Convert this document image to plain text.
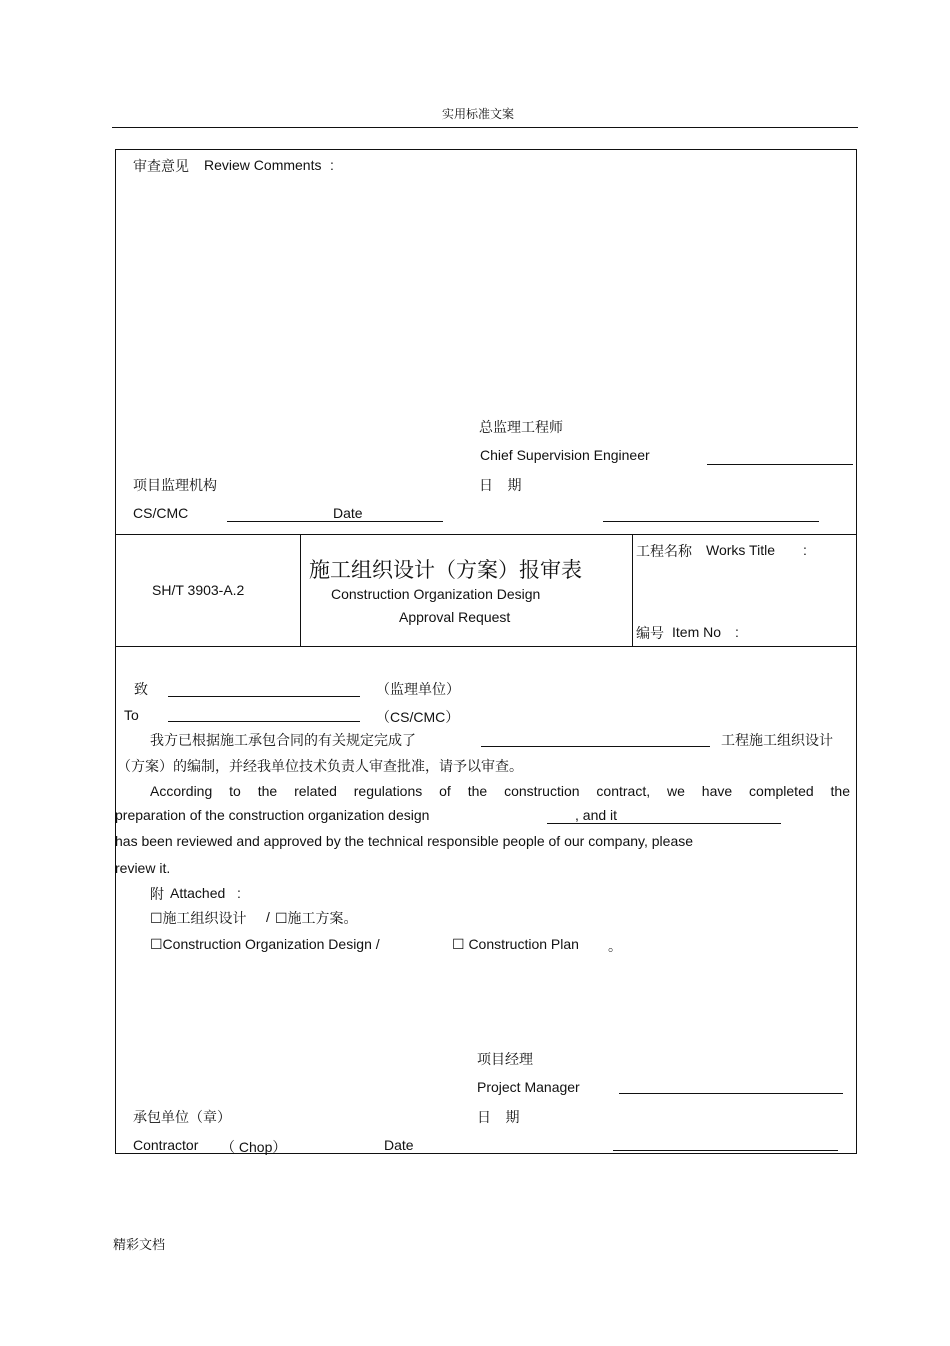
实用标准文案
审查意见 Review Comments :
总监理工程师
Chief Supervision Engineer
项目监理机构	日 期
CS/CMC	Date
SH/T 3903-A.2
施工组织设计（方案）报审表
Construction Organization Design
Approval Request
工程名称 Works Title :
编号 Item No :
致	（监理单位）
To	（CS/CMC）
我方已根据施工承包合同的有关规定完成了	工程施工组织设计
（方案）的编制，并经我单位技术负责人审查批准，请予以审查。
According to the related regulations of the construction contract, we have completed the
preparation of the construction organization design	, and it
has been reviewed and approved by the technical responsible people of our company, please
review it.
附 Attached :
☐施工组织设计 / ☐施工方案。
☐Construction Organization Design /	☐ Construction Plan 。
项目经理
Project Manager
承包单位（章）	日 期
Contractor （ Chop）	Date
精彩文档
